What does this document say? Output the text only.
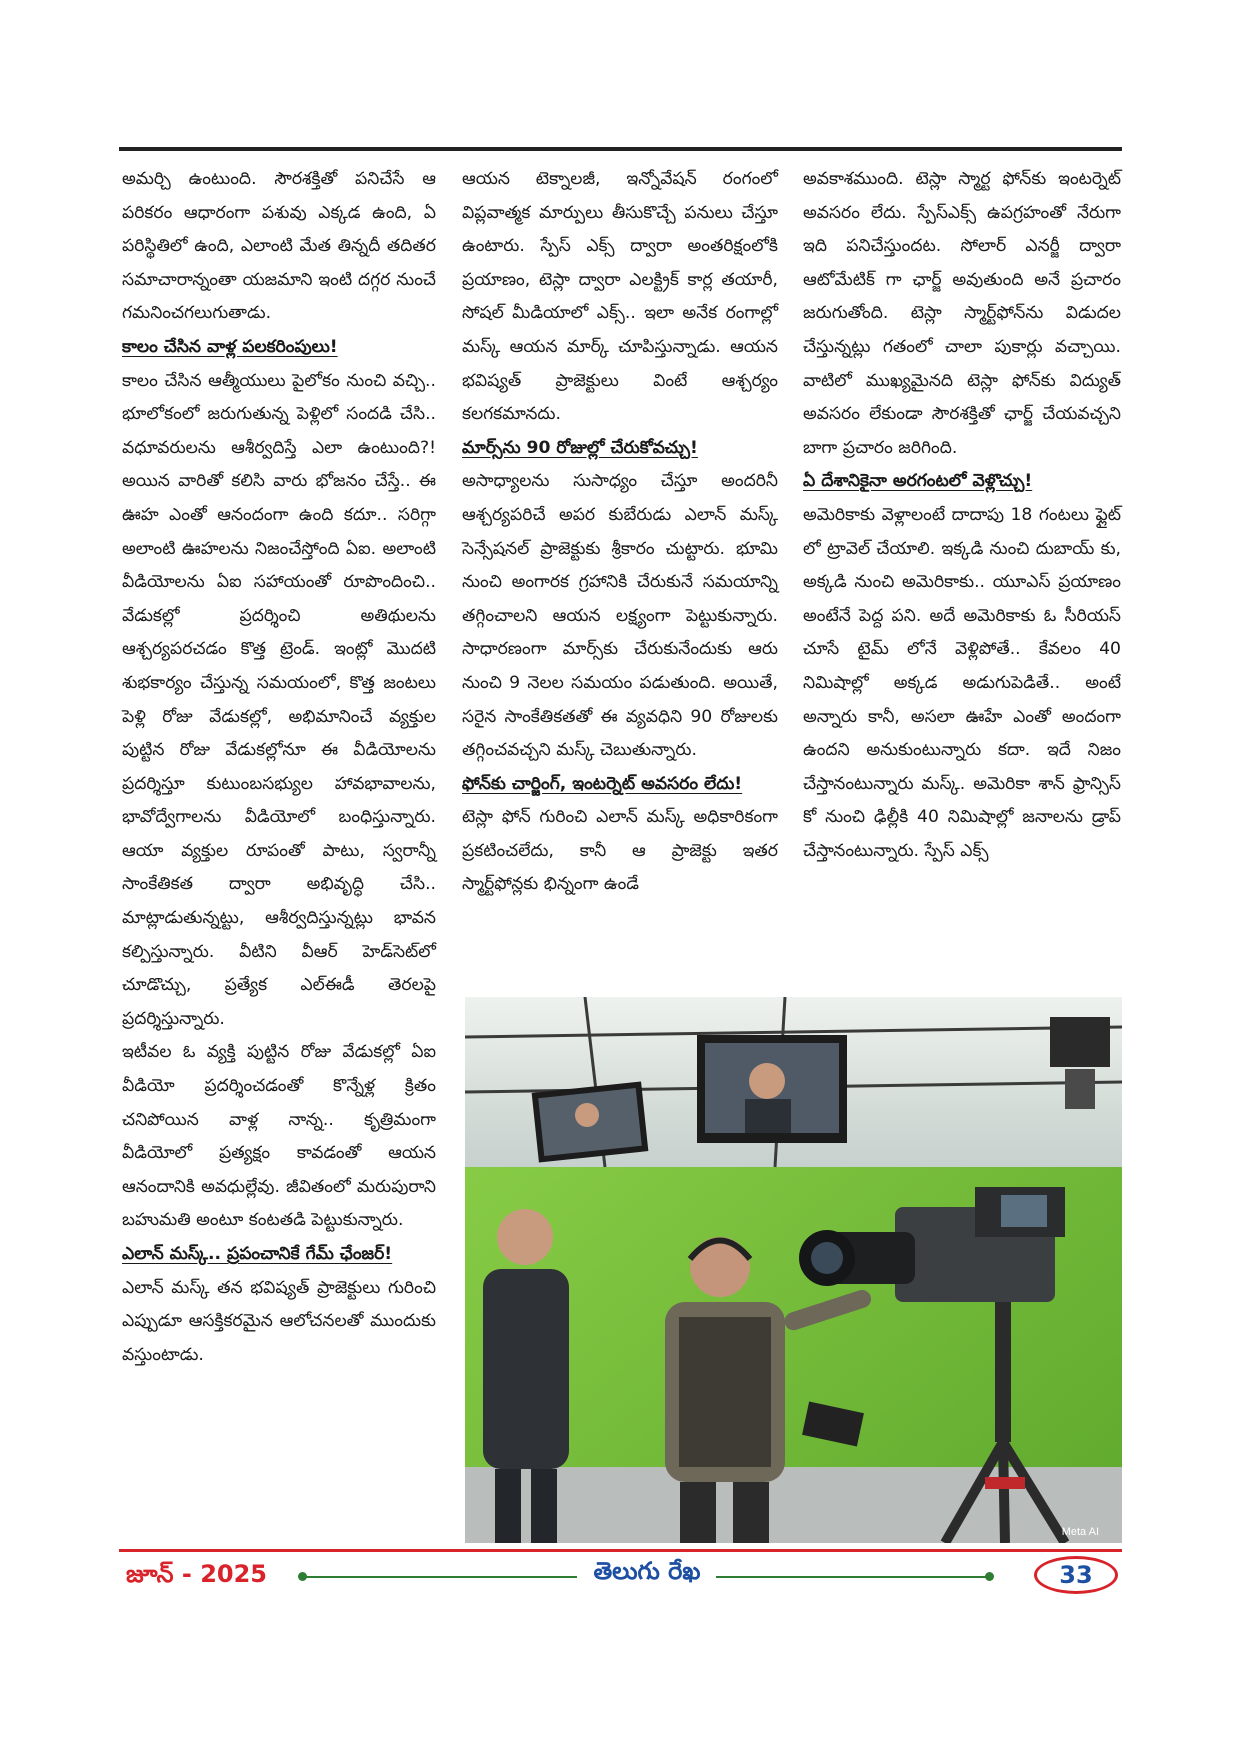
అమర్చి ఉంటుంది. సౌరశక్తితో పనిచేసే ఆ పరికరం ఆధారంగా పశువు ఎక్కడ ఉంది, ఏ పరిస్థితిలో ఉంది, ఎలాంటి మేత తిన్నదీ తదితర సమాచారాన్నంతా యజమాని ఇంటి దగ్గర నుంచే గమనించగలుగుతాడు.

కాలం చేసిన వాళ్ల పలకరింపులు!

కాలం చేసిన ఆత్మీయులు పైలోకం నుంచి వచ్చి.. భూలోకంలో జరుగుతున్న పెళ్లిలో సందడి చేసి.. వధూవరులను ఆశీర్వదిస్తే ఎలా ఉంటుంది?! అయిన వారితో కలిసి వారు భోజనం చేస్తే.. ఈ ఊహ ఎంతో ఆనందంగా ఉంది కదూ.. సరిగ్గా అలాంటి ఊహలను నిజంచేస్తోంది ఏఐ. అలాంటి వీడియోలను ఏఐ సహాయంతో రూపొందించి.. వేడుకల్లో ప్రదర్శించి అతిథులను ఆశ్చర్యపరచడం కొత్త ట్రెండ్. ఇంట్లో మొదటి శుభకార్యం చేస్తున్న సమయంలో, కొత్త జంటలు పెళ్లి రోజు వేడుకల్లో, అభిమానించే వ్యక్తుల పుట్టిన రోజు వేడుకల్లోనూ ఈ వీడియోలను ప్రదర్శిస్తూ కుటుంబసభ్యుల హావభావాలను, భావోద్వేగాలను వీడియోలో బంధిస్తున్నారు. ఆయా వ్యక్తుల రూపంతో పాటు, స్వరాన్నీ సాంకేతికత ద్వారా అభివృద్ధి చేసి.. మాట్లాడుతున్నట్టు, ఆశీర్వదిస్తున్నట్లు భావన కల్పిస్తున్నారు. వీటిని వీఆర్ హెడ్‌సెట్‌లో చూడొచ్చు, ప్రత్యేక ఎల్ఈడీ తెరలపై ప్రదర్శిస్తున్నారు.

ఇటీవల ఓ వ్యక్తి పుట్టిన రోజు వేడుకల్లో ఏఐ వీడియో ప్రదర్శించడంతో కొన్నేళ్ల క్రితం చనిపోయిన వాళ్ల నాన్న.. కృత్రిమంగా వీడియోలో ప్రత్యక్షం కావడంతో ఆయన ఆనందానికి అవధుల్లేవు. జీవితంలో మరుపురాని బహుమతి అంటూ కంటతడి పెట్టుకున్నారు.

ఎలాన్ మస్క్.. ప్రపంచానికే గేమ్ ఛేంజర్!

ఎలాన్ మస్క్ తన భవిష్యత్ ప్రాజెక్టులు గురించి ఎప్పుడూ ఆసక్తికరమైన ఆలోచనలతో ముందుకు వస్తుంటాడు.

ఆయన టెక్నాలజీ, ఇన్నోవేషన్ రంగంలో విప్లవాత్మక మార్పులు తీసుకొచ్చే పనులు చేస్తూ ఉంటారు. స్పేస్ ఎక్స్ ద్వారా అంతరిక్షంలోకి ప్రయాణం, టెస్లా ద్వారా ఎలక్ట్రిక్ కార్ల తయారీ, సోషల్ మీడియాలో ఎక్స్.. ఇలా అనేక రంగాల్లో మస్క్ ఆయన మార్క్ చూపిస్తున్నాడు. ఆయన భవిష్యత్ ప్రాజెక్టులు వింటే ఆశ్చర్యం కలగకమానదు.

మార్స్‌ను 90 రోజుల్లో చేరుకోవచ్చు!

అసాధ్యాలను సుసాధ్యం చేస్తూ అందరినీ ఆశ్చర్యపరిచే అపర కుబేరుడు ఎలాన్ మస్క్ సెన్సేషనల్ ప్రాజెక్టుకు శ్రీకారం చుట్టారు. భూమి నుంచి అంగారక గ్రహానికి చేరుకునే సమయాన్ని తగ్గించాలని ఆయన లక్ష్యంగా పెట్టుకున్నారు. సాధారణంగా మార్స్‌కు చేరుకునేందుకు ఆరు నుంచి 9 నెలల సమయం పడుతుంది. అయితే, సరైన సాంకేతికతతో ఈ వ్యవధిని 90 రోజులకు తగ్గించవచ్చని మస్క్ చెబుతున్నారు.

ఫోన్‌కు చార్జింగ్, ఇంటర్నెట్ అవసరం లేదు!

టెస్లా ఫోన్ గురించి ఎలాన్ మస్క్ అధికారికంగా ప్రకటించలేదు, కానీ ఆ ప్రాజెక్టు ఇతర స్మార్ట్‌ఫోన్లకు భిన్నంగా ఉండే

అవకాశముంది. టెస్లా స్మార్ట ఫోన్‌కు ఇంటర్నెట్ అవసరం లేదు. స్పేస్‌ఎక్స్ ఉపగ్రహంతో నేరుగా ఇది పనిచేస్తుందట. సోలార్ ఎనర్జీ ద్వారా ఆటోమేటిక్ గా ఛార్జ్ అవుతుంది అనే ప్రచారం జరుగుతోంది. టెస్లా స్మార్ట్‌ఫోన్‌ను విడుదల చేస్తున్నట్లు గతంలో చాలా పుకార్లు వచ్చాయి. వాటిలో ముఖ్యమైనది టెస్లా ఫోన్‌కు విద్యుత్ అవసరం లేకుండా సౌరశక్తితో ఛార్జ్ చేయవచ్చని బాగా ప్రచారం జరిగింది.

ఏ దేశానికైనా అరగంటలో వెళ్లొచ్చు!

అమెరికాకు వెళ్లాలంటే దాదాపు 18 గంటలు ఫ్లైట్ లో ట్రావెల్ చేయాలి. ఇక్కడి నుంచి దుబాయ్ కు, అక్కడి నుంచి అమెరికాకు.. యూఎస్ ప్రయాణం అంటేనే పెద్ద పని. అదే అమెరికాకు ఓ సీరియస్ చూసే టైమ్ లోనే వెళ్లిపోతే.. కేవలం 40 నిమిషాల్లో అక్కడ అడుగుపెడితే.. అంటే అన్నారు కానీ, అసలా ఊహే ఎంతో అందంగా ఉందని అనుకుంటున్నారు కదా. ఇదే నిజం చేస్తానంటున్నారు మస్క్. అమెరికా శాన్ ఫ్రాన్సిస్ కో నుంచి ఢిల్లీకి 40 నిమిషాల్లో జనాలను డ్రాప్ చేస్తానంటున్నారు. స్పేస్ ఎక్స్

Meta AI
జూన్ - 2025	తెలుగు రేఖ	33
